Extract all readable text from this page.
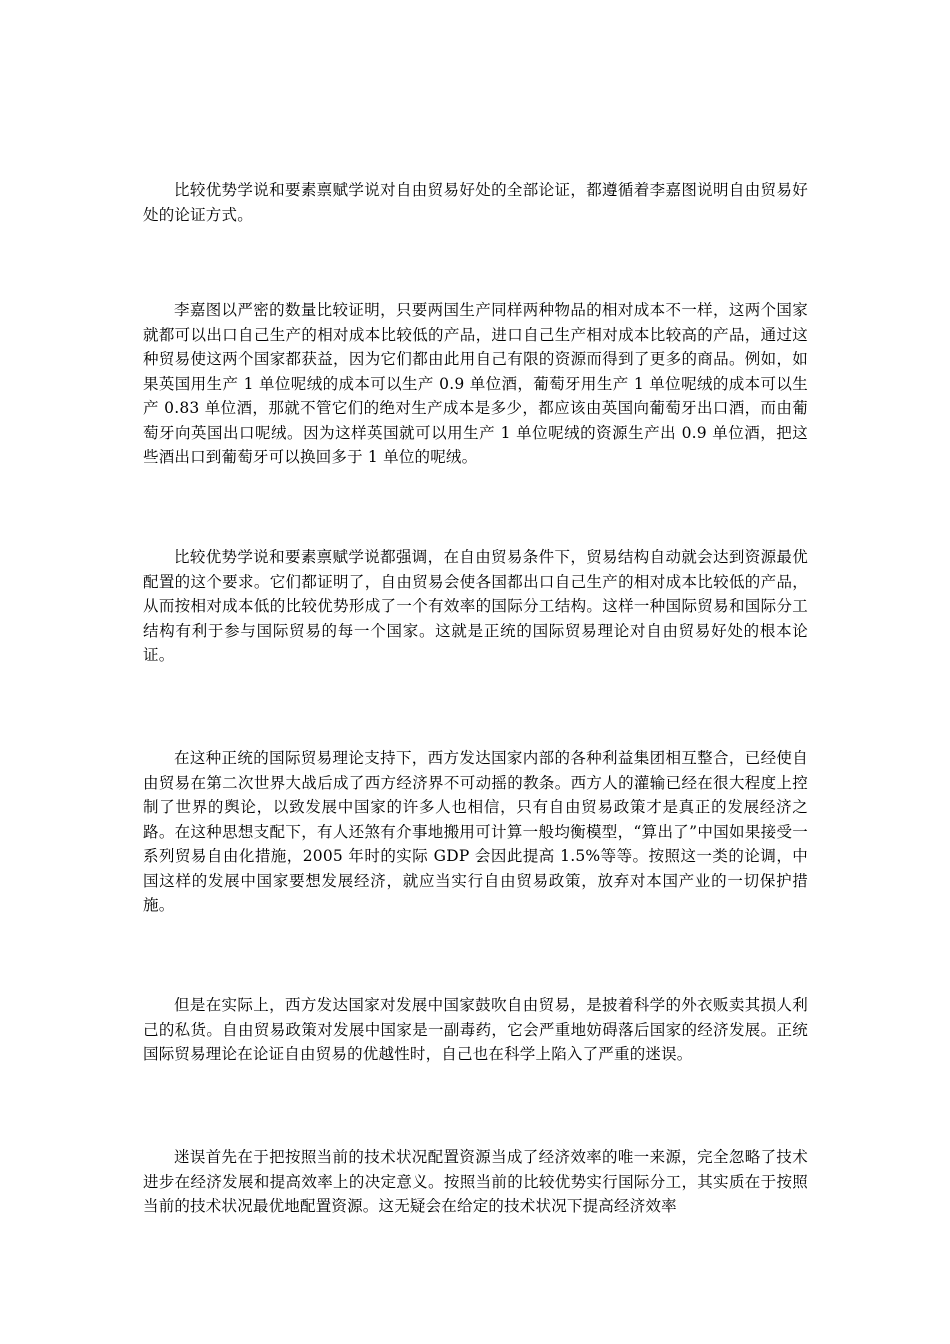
比较优势学说和要素禀赋学说对自由贸易好处的全部论证，都遵循着李嘉图说明自由贸易好处的论证方式。

李嘉图以严密的数量比较证明，只要两国生产同样两种物品的相对成本不一样，这两个国家就都可以出口自己生产的相对成本比较低的产品，进口自己生产相对成本比较高的产品，通过这种贸易使这两个国家都获益，因为它们都由此用自己有限的资源而得到了更多的商品。例如，如果英国用生产 1 单位呢绒的成本可以生产 0.9 单位酒，葡萄牙用生产 1 单位呢绒的成本可以生产 0.83 单位酒，那就不管它们的绝对生产成本是多少，都应该由英国向葡萄牙出口酒，而由葡萄牙向英国出口呢绒。因为这样英国就可以用生产 1 单位呢绒的资源生产出 0.9 单位酒，把这些酒出口到葡萄牙可以换回多于 1 单位的呢绒。

比较优势学说和要素禀赋学说都强调，在自由贸易条件下，贸易结构自动就会达到资源最优配置的这个要求。它们都证明了，自由贸易会使各国都出口自己生产的相对成本比较低的产品，从而按相对成本低的比较优势形成了一个有效率的国际分工结构。这样一种国际贸易和国际分工结构有利于参与国际贸易的每一个国家。这就是正统的国际贸易理论对自由贸易好处的根本论证。

在这种正统的国际贸易理论支持下，西方发达国家内部的各种利益集团相互整合，已经使自由贸易在第二次世界大战后成了西方经济界不可动摇的教条。西方人的灌输已经在很大程度上控制了世界的舆论，以致发展中国家的许多人也相信，只有自由贸易政策才是真正的发展经济之路。在这种思想支配下，有人还煞有介事地搬用可计算一般均衡模型，“算出了”中国如果接受一系列贸易自由化措施，2005 年时的实际 GDP 会因此提高 1.5%等等。按照这一类的论调，中国这样的发展中国家要想发展经济，就应当实行自由贸易政策，放弃对本国产业的一切保护措施。

但是在实际上，西方发达国家对发展中国家鼓吹自由贸易，是披着科学的外衣贩卖其损人利己的私货。自由贸易政策对发展中国家是一副毒药，它会严重地妨碍落后国家的经济发展。正统国际贸易理论在论证自由贸易的优越性时，自己也在科学上陷入了严重的迷误。

迷误首先在于把按照当前的技术状况配置资源当成了经济效率的唯一来源，完全忽略了技术进步在经济发展和提高效率上的决定意义。按照当前的比较优势实行国际分工，其实质在于按照当前的技术状况最优地配置资源。这无疑会在给定的技术状况下提高经济效率
